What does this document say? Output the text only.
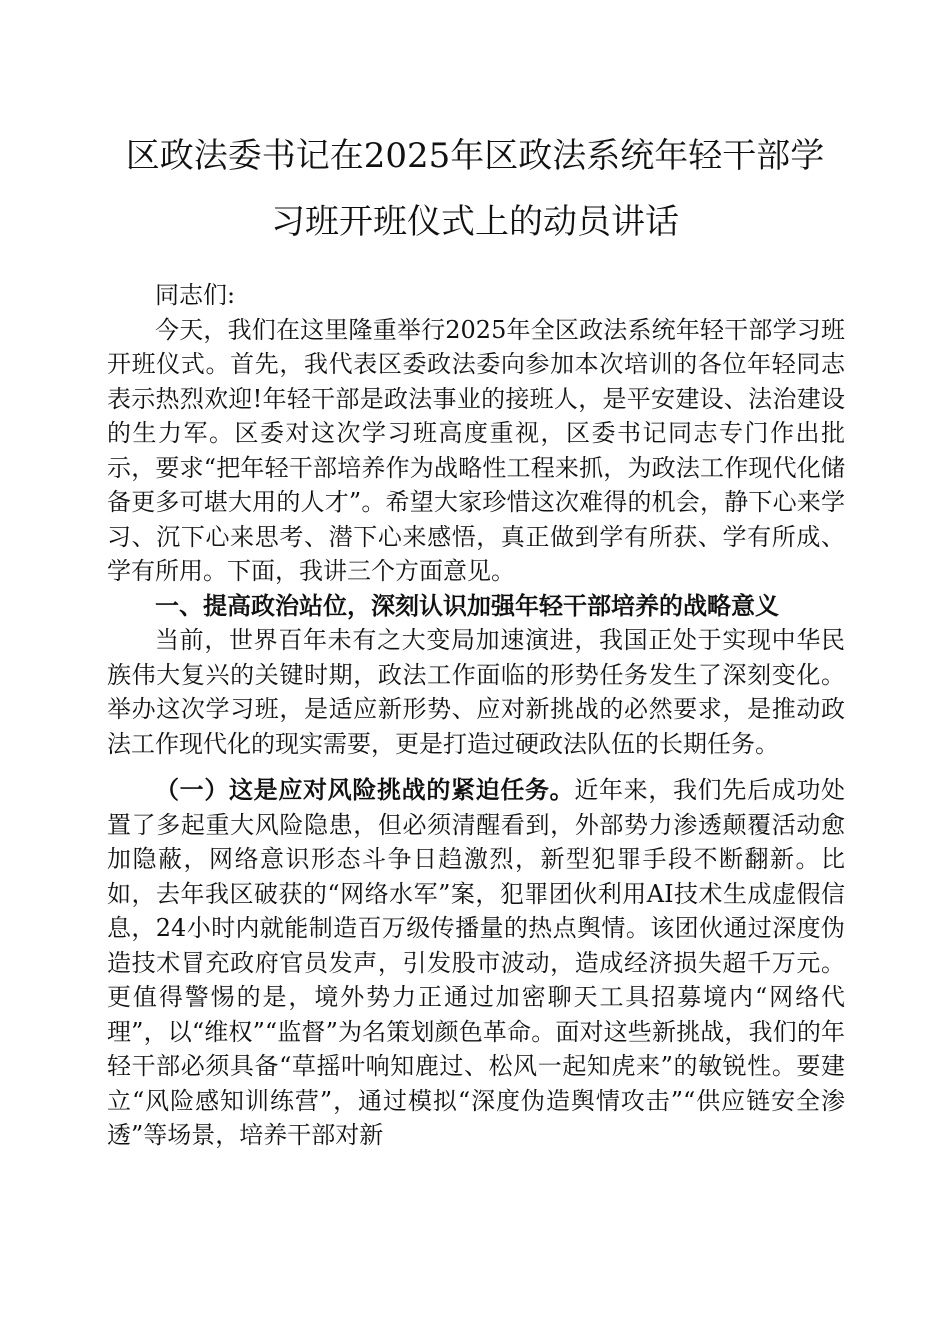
区政法委书记在2025年区政法系统年轻干部学
习班开班仪式上的动员讲话

同志们:

今天，我们在这里隆重举行2025年全区政法系统年轻干部学习班开班仪式。首先，我代表区委政法委向参加本次培训的各位年轻同志表示热烈欢迎!年轻干部是政法事业的接班人，是平安建设、法治建设的生力军。区委对这次学习班高度重视，区委书记同志专门作出批示，要求“把年轻干部培养作为战略性工程来抓，为政法工作现代化储备更多可堪大用的人才”。希望大家珍惜这次难得的机会，静下心来学习、沉下心来思考、潜下心来感悟，真正做到学有所获、学有所成、学有所用。下面，我讲三个方面意见。

一、提高政治站位，深刻认识加强年轻干部培养的战略意义

当前，世界百年未有之大变局加速演进，我国正处于实现中华民族伟大复兴的关键时期，政法工作面临的形势任务发生了深刻变化。举办这次学习班，是适应新形势、应对新挑战的必然要求，是推动政法工作现代化的现实需要，更是打造过硬政法队伍的长期任务。

（一）这是应对风险挑战的紧迫任务。近年来，我们先后成功处置了多起重大风险隐患，但必须清醒看到，外部势力渗透颠覆活动愈加隐蔽，网络意识形态斗争日趋激烈，新型犯罪手段不断翻新。比如，去年我区破获的“网络水军”案，犯罪团伙利用AI技术生成虚假信息，24小时内就能制造百万级传播量的热点舆情。该团伙通过深度伪造技术冒充政府官员发声，引发股市波动，造成经济损失超千万元。更值得警惕的是，境外势力正通过加密聊天工具招募境内“网络代理”，以“维权”“监督”为名策划颜色革命。面对这些新挑战，我们的年轻干部必须具备“草摇叶响知鹿过、松风一起知虎来”的敏锐性。要建立“风险感知训练营”，通过模拟“深度伪造舆情攻击”“供应链安全渗透”等场景，培养干部对新
